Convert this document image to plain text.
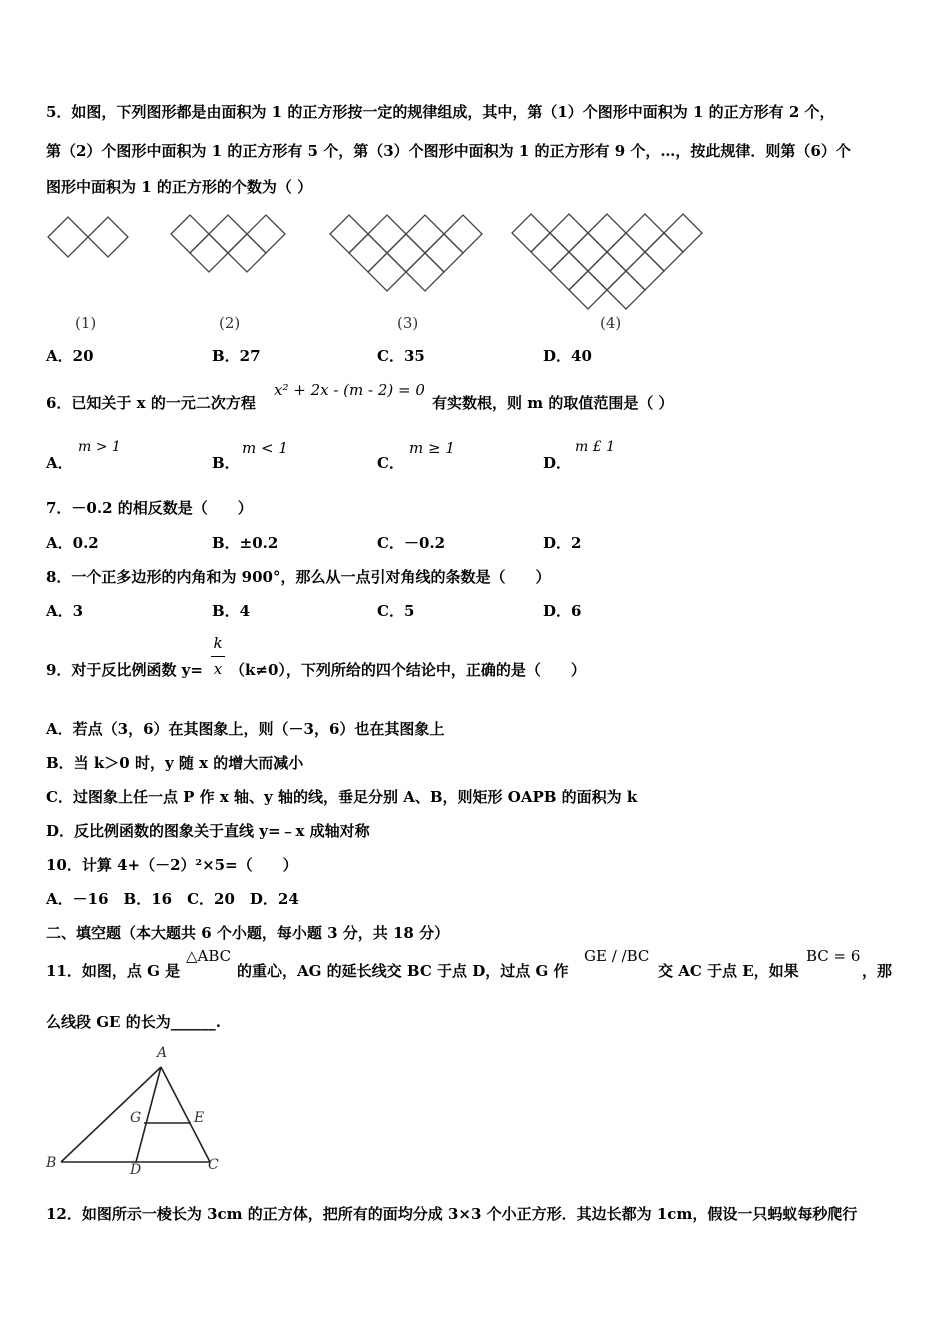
5．如图，下列图形都是由面积为 1 的正方形按一定的规律组成，其中，第（1）个图形中面积为 1 的正方形有 2 个，
第（2）个图形中面积为 1 的正方形有 5 个，第（3）个图形中面积为 1 的正方形有 9 个，…，按此规律．则第（6）个
图形中面积为 1 的正方形的个数为（ ）
(1)	(2)	(3)	(4)
A．20	B．27	C．35	D．40
6．已知关于 x 的一元二次方程
x² + 2x - (m - 2) = 0
有实数根，则 m 的取值范围是（ ）
A．
m > 1
B．
m < 1
C．
m ≥ 1
D．
m £ 1
7．－0.2 的相反数是（　　）
A．0.2	B．±0.2	C．－0.2	D．2
8．一个正多边形的内角和为 900°，那么从一点引对角线的条数是（　　）
A．3	B．4	C．5	D．6
9．对于反比例函数 y=
k
x （k≠0），下列所给的四个结论中，正确的是（　　）
A．若点（3，6）在其图象上，则（－3，6）也在其图象上
B．当 k＞0 时，y 随 x 的增大而减小
C．过图象上任一点 P 作 x 轴、y 轴的线，垂足分别 A、B，则矩形 OAPB 的面积为 k
D．反比例函数的图象关于直线 y=﹣x 成轴对称
10．计算 4+（－2）²×5=（　　）
A．－16　B．16　C．20　D．24
二、填空题（本大题共 6 个小题，每小题 3 分，共 18 分）
11．如图，点 G 是
△ABC
的重心，AG 的延长线交 BC 于点 D，过点 G 作
GE / /BC
交 AC 于点 E，如果
BC = 6
，那
么线段 GE 的长为______.
A
B	C
D
G	E
12．如图所示一棱长为 3cm 的正方体，把所有的面均分成 3×3 个小正方形．其边长都为 1cm，假设一只蚂蚁每秒爬行
